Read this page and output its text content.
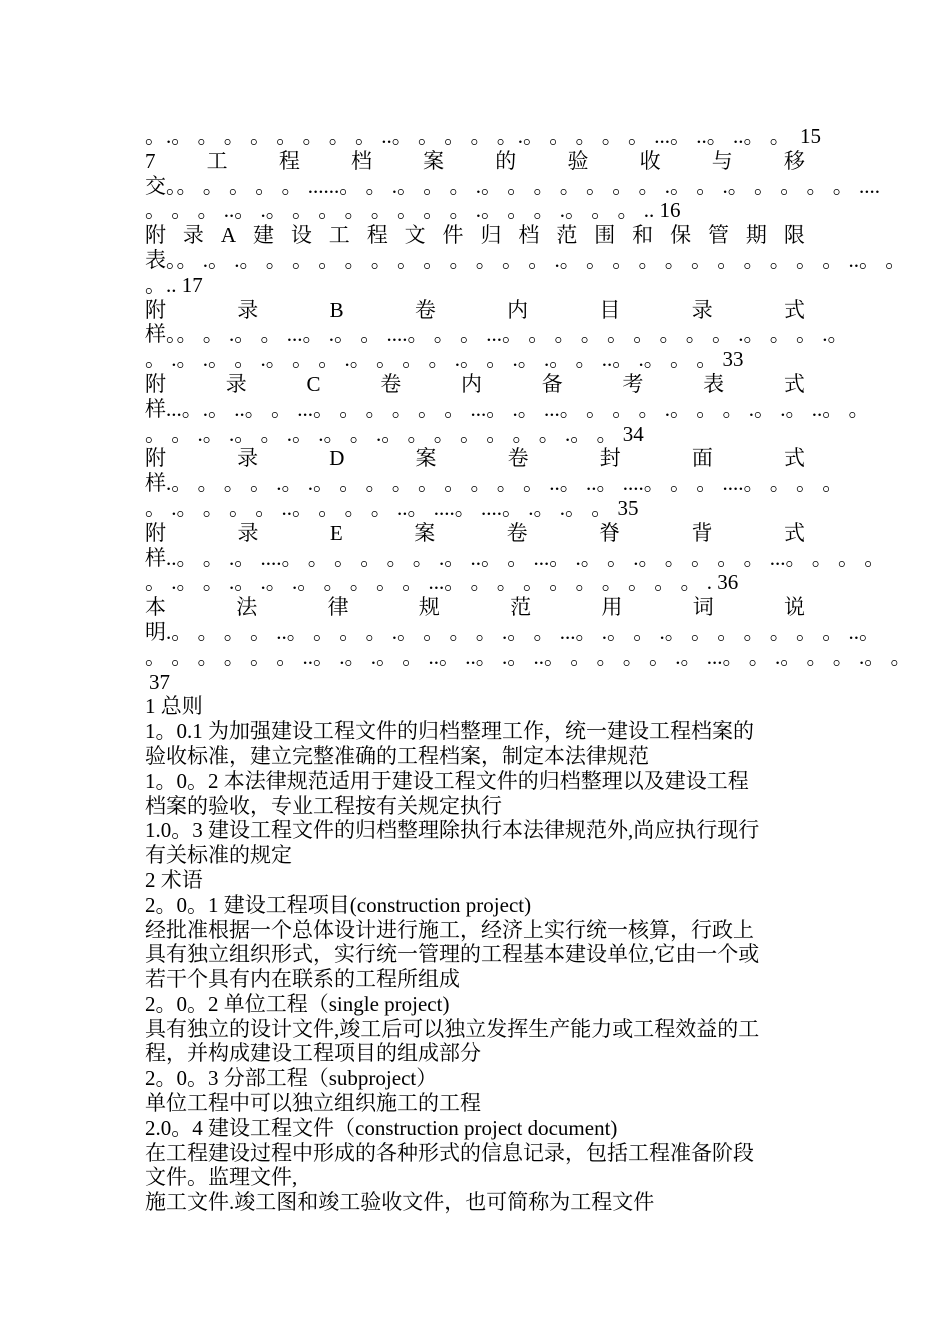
。.。 。 。 。 。 。 。 。 ..。 。 。 。 。.。 。 。 。 。 ...。 ..。 ..。 。 15
7 工 程 档 案 的 验 收 与 移
交。。 。 。 。 。 ......。 。 .。 。 。 .。 。 。 。 。 。 。 .。 。 .。 。 。 。 。 ....
。 。 。 ..。 .。 。 。 。 。 。 。 。 .。 。 。 .。 。 。 .. 16
附 录 A 建 设 工 程 文 件 归 档 范 围 和 保 管 期 限
表。。 .。 .。 。 。 。 。 。 。 。 。 。 。 。 .。 。 。 。 。 。 。 。 。 。 。 ..。 。
。.. 17
附	录	B	卷	内	目	录	式
样。。 。 .。 。 ...。 .。 。 ....。 。 。 ...。 。 。 。 。 。 。 。 。 .。 。 。 .。
。 .。 .。 。 .。 。 。 .。 。 。 。 .。 。 .。 .。 。 ..。 .。 。 。 33
附	录	C	卷	内	备	考	表	式
样...。.。 ..。 。 ...。 。 。 。 。 。 ...。 .。 ...。 。 。 。 .。 。 。 .。 .。 ..。 。
。 。 .。 .。 。 .。 .。 。 .。 。 。 。 。 。 。 .。 。 34
附	录	D	案	卷	封	面	式
样.。 。 。 。 .。 .。 。 。 。 。 。 。 。 。 ..。 ..。 ....。 。 。 ....。 。 。 。
。 .。 。 。 。 ..。 。 。 。 ..。 ....。 ....。 .。 .。 。 35
附	录	E	案	卷	脊	背	式
样..。 。 .。 ....。 。 。 。 。 。 .。 ..。 。 ...。 .。 。 .。 。 。 。 。 ...。 。 。 。
。 .。 。 .。 .。 .。 。 。 。 。 ...。 。 。 。 。 。 。 。 。 。 . 36
本	法	律	规	范	用	词	说
明.。 。 。 。 ..。 。 。 。 .。 。 。 。 .。 。 ...。 .。 。 .。 。 。 。 。 。 。 ..。
。 。 。 。 。 。 ..。 .。 .。 。 ..。 ..。 .。 ..。 。 。 。 。 .。 ...。 。 .。 。 。 .。 。
37
1 总则
1。0.1 为加强建设工程文件的归档整理工作，统一建设工程档案的
验收标准，建立完整准确的工程档案，制定本法律规范
1。0。2 本法律规范适用于建设工程文件的归档整理以及建设工程
档案的验收，专业工程按有关规定执行
1.0。3 建设工程文件的归档整理除执行本法律规范外,尚应执行现行
有关标准的规定
2 术语
2。0。1 建设工程项目(construction project)
经批准根据一个总体设计进行施工，经济上实行统一核算，行政上
具有独立组织形式，实行统一管理的工程基本建设单位,它由一个或
若干个具有内在联系的工程所组成
2。0。2 单位工程（single project)
具有独立的设计文件,竣工后可以独立发挥生产能力或工程效益的工
程，并构成建设工程项目的组成部分
2。0。3 分部工程（subproject）
单位工程中可以独立组织施工的工程
2.0。4 建设工程文件（construction project document)
在工程建设过程中形成的各种形式的信息记录，包括工程准备阶段
文件。监理文件,
施工文件.竣工图和竣工验收文件，也可简称为工程文件
